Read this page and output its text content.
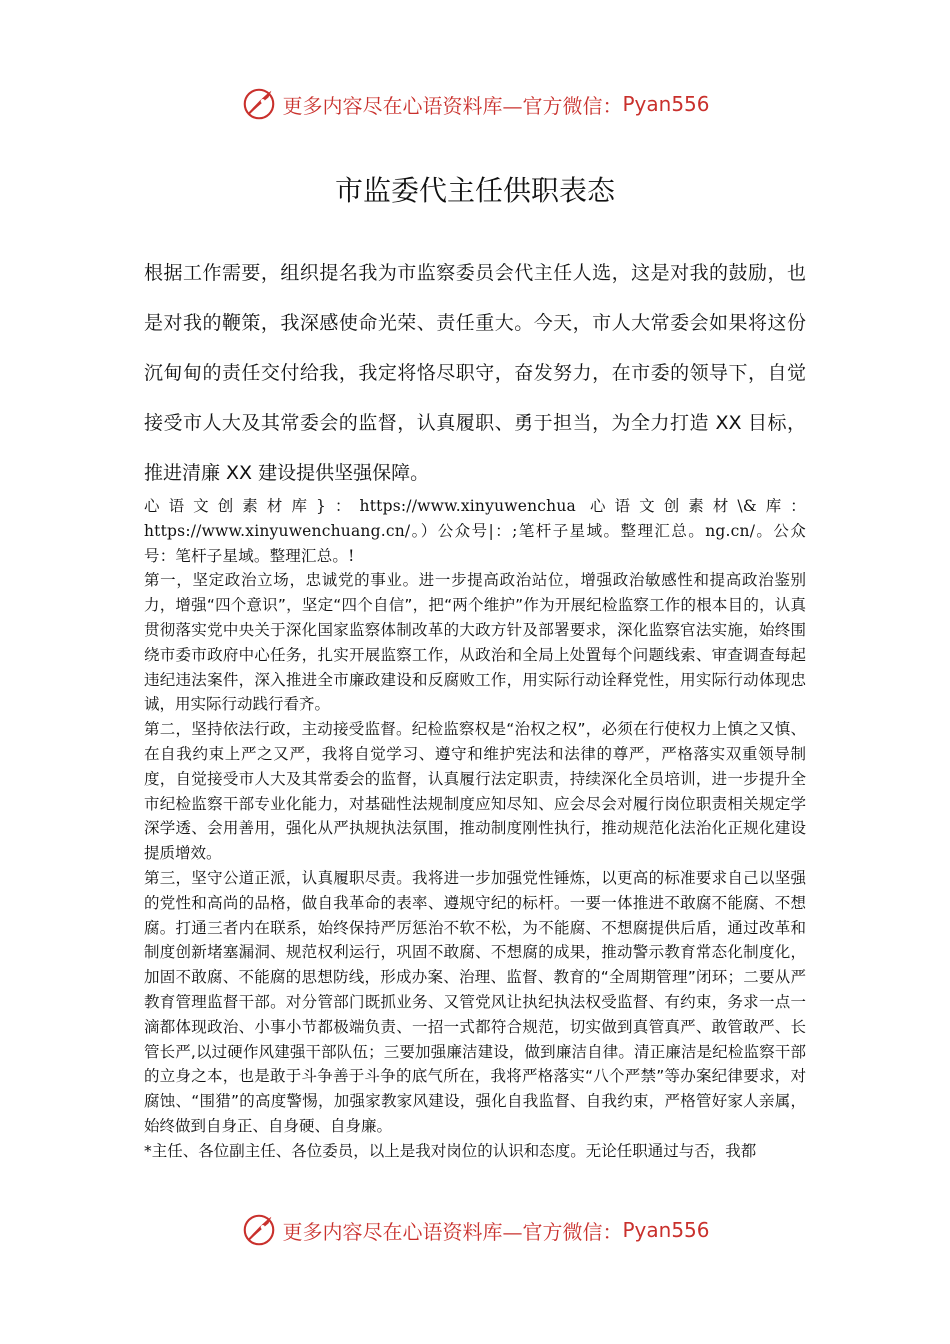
更多内容尽在心语资料库—官方微信： Pyan556
市监委代主任供职表态

根据工作需要，组织提名我为市监察委员会代主任人选，这是对我的鼓励，也是对我的鞭策，我深感使命光荣、责任重大。今天，市人大常委会如果将这份沉甸甸的责任交付给我，我定将恪尽职守，奋发努力，在市委的领导下，自觉接受市人大及其常委会的监督，认真履职、勇于担当，为全力打造 XX 目标，推进清廉 XX 建设提供坚强保障。

心语文创素材库}：https://www.xinyuwenchua 心语文创素材\&库：https://www.xinyuwenchuang.cn/。）公众号|：;笔杆子星域。整理汇总。ng.cn/。公众号：笔杆子星域。整理汇总。!

第一，坚定政治立场，忠诚党的事业。进一步提高政治站位，增强政治敏感性和提高政治鉴别力，增强“四个意识”，坚定“四个自信”，把“两个维护”作为开展纪检监察工作的根本目的，认真贯彻落实党中央关于深化国家监察体制改革的大政方针及部署要求，深化监察官法实施，始终围绕市委市政府中心任务，扎实开展监察工作，从政治和全局上处置每个问题线索、审查调查每起违纪违法案件，深入推进全市廉政建设和反腐败工作，用实际行动诠释党性，用实际行动体现忠诚，用实际行动践行看齐。

第二，坚持依法行政，主动接受监督。纪检监察权是“治权之权”，必须在行使权力上慎之又慎、在自我约束上严之又严，我将自觉学习、遵守和维护宪法和法律的尊严，严格落实双重领导制度，自觉接受市人大及其常委会的监督，认真履行法定职责，持续深化全员培训，进一步提升全市纪检监察干部专业化能力，对基础性法规制度应知尽知、应会尽会对履行岗位职责相关规定学深学透、会用善用，强化从严执规执法氛围，推动制度刚性执行，推动规范化法治化正规化建设提质增效。

第三，坚守公道正派，认真履职尽责。我将进一步加强党性锤炼，以更高的标准要求自己以坚强的党性和高尚的品格，做自我革命的表率、遵规守纪的标杆。一要一体推进不敢腐不能腐、不想腐。打通三者内在联系，始终保持严厉惩治不软不松，为不能腐、不想腐提供后盾，通过改革和制度创新堵塞漏洞、规范权利运行，巩固不敢腐、不想腐的成果，推动警示教育常态化制度化，加固不敢腐、不能腐的思想防线，形成办案、治理、监督、教育的“全周期管理”闭环；二要从严教育管理监督干部。对分管部门既抓业务、又管党风让执纪执法权受监督、有约束，务求一点一滴都体现政治、小事小节都极端负责、一招一式都符合规范，切实做到真管真严、敢管敢严、长管长严,以过硬作风建强干部队伍；三要加强廉洁建设，做到廉洁自律。清正廉洁是纪检监察干部的立身之本，也是敢于斗争善于斗争的底气所在，我将严格落实“八个严禁”等办案纪律要求，对腐蚀、“围猎”的高度警惕，加强家教家风建设，强化自我监督、自我约束，严格管好家人亲属，始终做到自身正、自身硬、自身廉。

*主任、各位副主任、各位委员，以上是我对岗位的认识和态度。无论任职通过与否，我都

更多内容尽在心语资料库—官方微信： Pyan556
